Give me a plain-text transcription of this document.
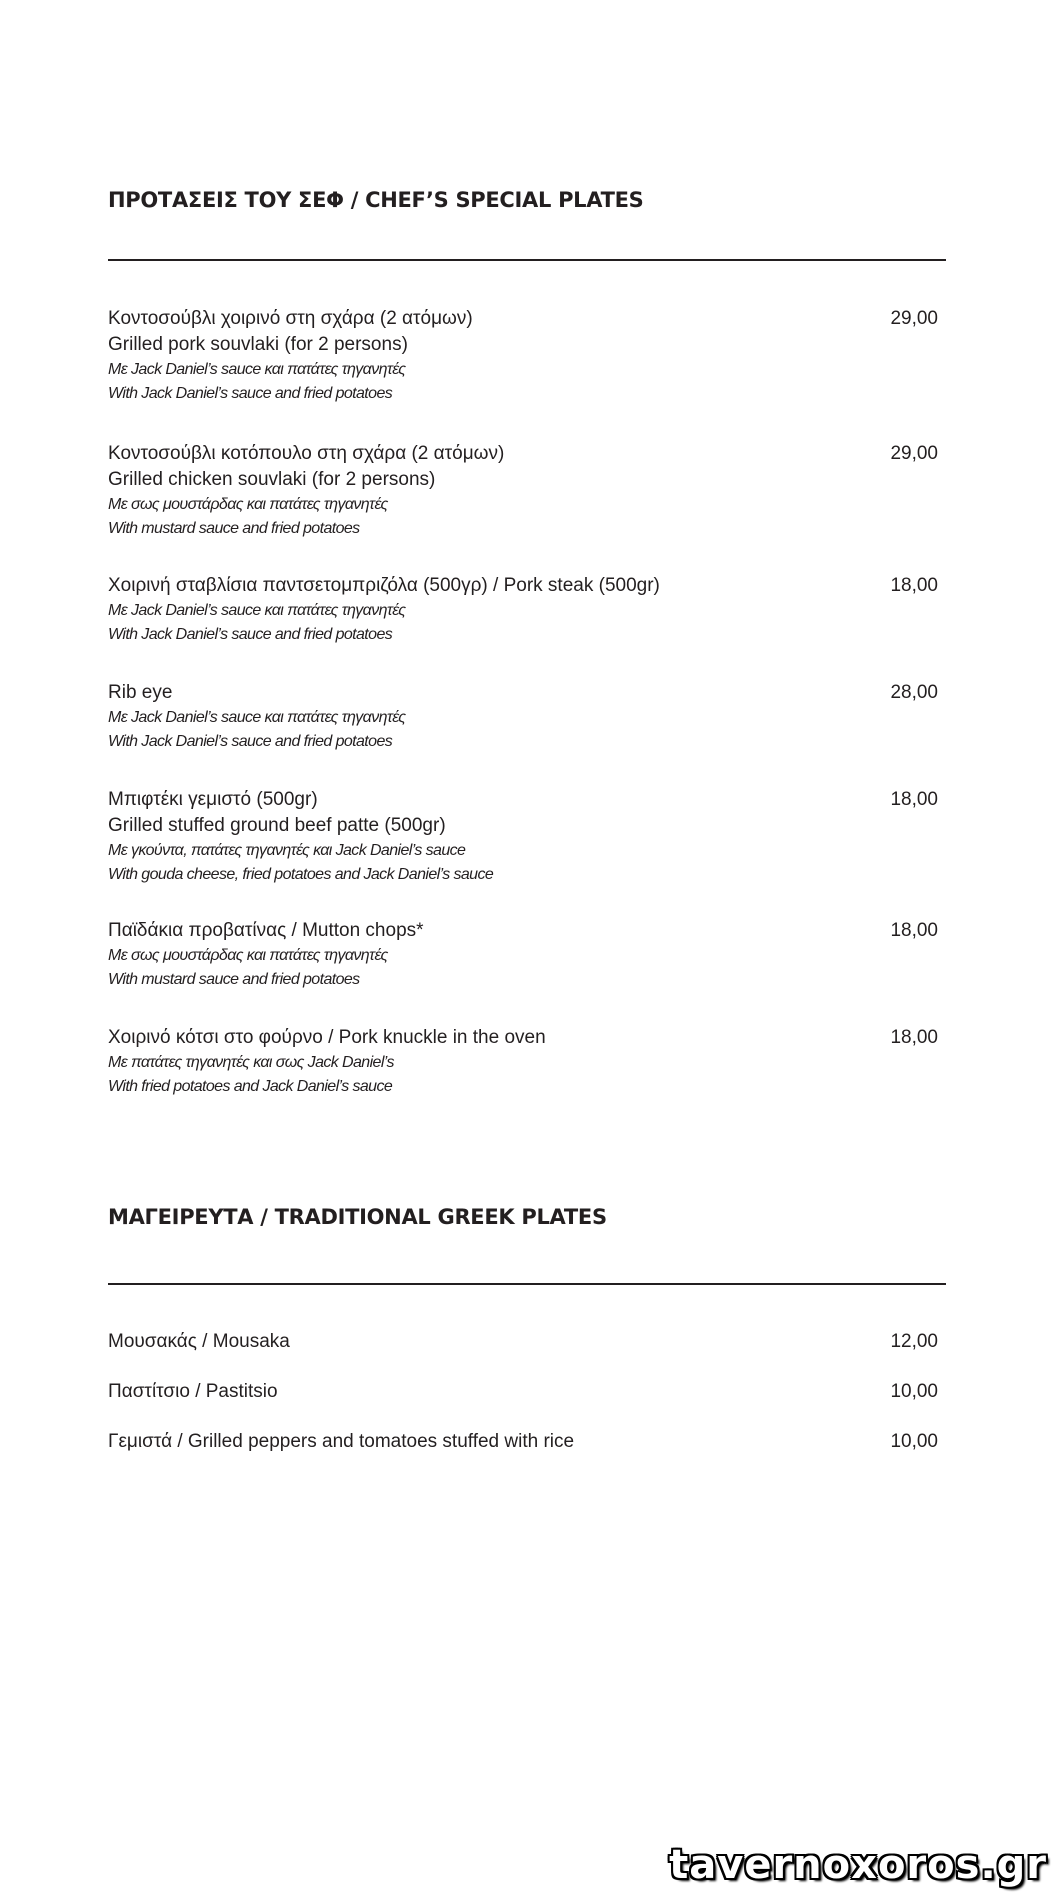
ΠΡΟΤΑΣΕΙΣ ΤΟΥ ΣΕΦ / CHEF’S SPECIAL PLATES
Κοντοσούβλι χοιρινό στη σχάρα (2 ατόμων)	29,00
Grilled pork souvlaki (for 2 persons)
Με Jack Daniel’s sauce και πατάτες τηγανητές
With Jack Daniel’s sauce and fried potatoes
Κοντοσούβλι κοτόπουλο στη σχάρα (2 ατόμων)	29,00
Grilled chicken souvlaki (for 2 persons)
Με σως μουστάρδας και πατάτες τηγανητές
With mustard sauce and fried potatoes
Χοιρινή σταβλίσια παντσετομπριζόλα (500γρ) / Pork steak (500gr)	18,00
Με Jack Daniel’s sauce και πατάτες τηγανητές
With Jack Daniel’s sauce and fried potatoes
Rib eye	28,00
Με Jack Daniel’s sauce και πατάτες τηγανητές
With Jack Daniel’s sauce and fried potatoes
Μπιφτέκι γεμιστό (500gr)	18,00
Grilled stuffed ground beef patte (500gr)
Με γκούντα, πατάτες τηγανητές και Jack Daniel’s sauce
With gouda cheese, fried potatoes and Jack Daniel’s sauce
Παϊδάκια προβατίνας / Mutton chops*	18,00
Με σως μουστάρδας και πατάτες τηγανητές
With mustard sauce and fried potatoes
Χοιρινό κότσι στο φούρνο / Pork knuckle in the oven	18,00
Με πατάτες τηγανητές και σως Jack Daniel’s
With fried potatoes and Jack Daniel’s sauce
ΜΑΓΕΙΡΕΥΤΑ / TRADITIONAL GREEK PLATES
Μουσακάς / Mousaka	12,00
Παστίτσιο / Pastitsio	10,00
Γεμιστά / Grilled peppers and tomatoes stuffed with rice	10,00
tavernoxoros.gr
